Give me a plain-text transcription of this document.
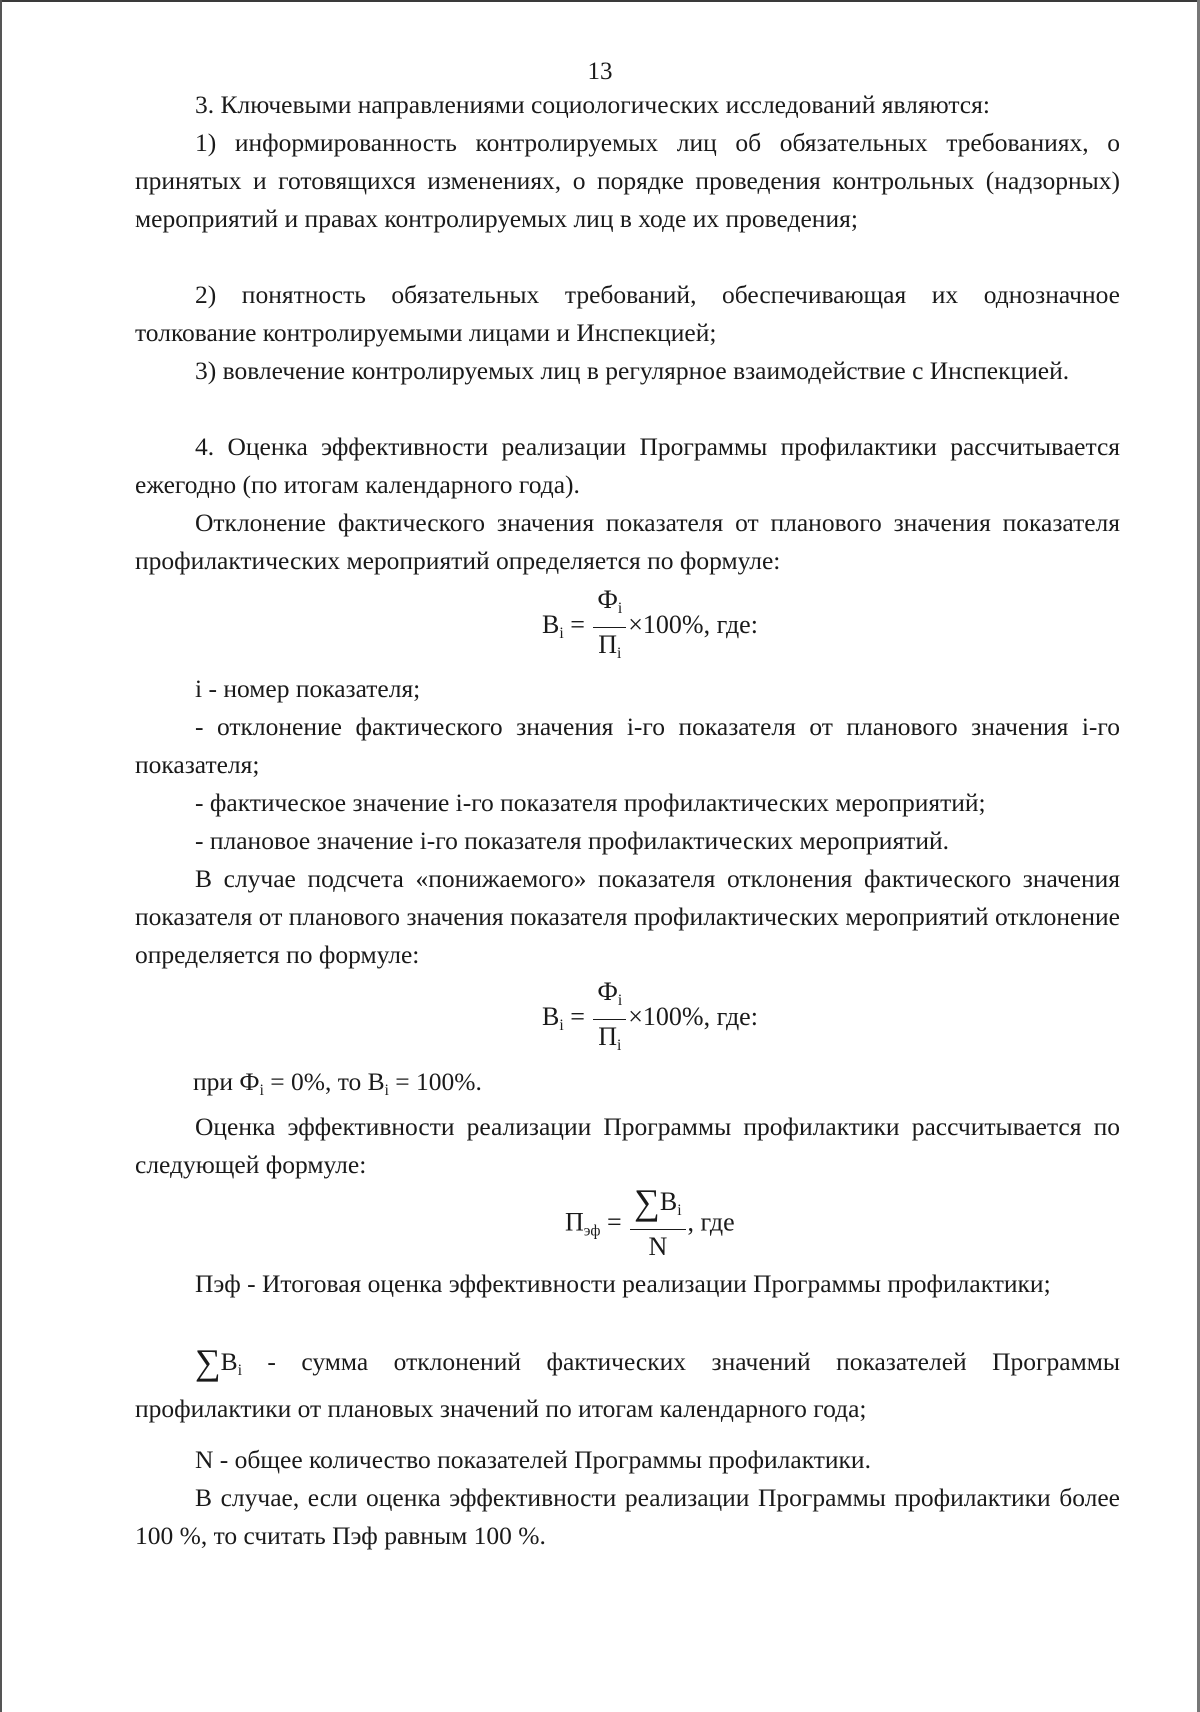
13
3. Ключевыми направлениями социологических исследований являются:
1) информированность контролируемых лиц об обязательных требованиях, о принятых и готовящихся изменениях, о порядке проведения контрольных (надзорных) мероприятий и правах контролируемых лиц в ходе их проведения;
2) понятность обязательных требований, обеспечивающая их однозначное толкование контролируемыми лицами и Инспекцией;
3) вовлечение контролируемых лиц в регулярное взаимодействие с Инспекцией.
4. Оценка эффективности реализации Программы профилактики рассчитывается ежегодно (по итогам календарного года).
Отклонение фактического значения показателя от планового значения показателя профилактических мероприятий определяется по формуле:
$B_i = \frac{Ф_i}{П_i} \times 100\%$, где:
i - номер показателя;
- отклонение фактического значения i-го показателя от планового значения i-го показателя;
- фактическое значение i-го показателя профилактических мероприятий;
- плановое значение i-го показателя профилактических мероприятий.
В случае подсчета «понижаемого» показателя отклонения фактического значения показателя от планового значения показателя профилактических мероприятий отклонение определяется по формуле:
$B_i = \frac{Ф_i}{П_i} \times 100\%$, где:
при $Ф_i = 0\%$, то $B_i = 100\%$.
Оценка эффективности реализации Программы профилактики рассчитывается по следующей формуле:
$П_{эф} = \frac{\sum B_i}{N}$ , где
Пэф - Итоговая оценка эффективности реализации Программы профилактики;
$\sum B_i$ - сумма отклонений фактических значений показателей Программы профилактики от плановых значений по итогам календарного года;
N - общее количество показателей Программы профилактики.
В случае, если оценка эффективности реализации Программы профилактики более 100 %, то считать Пэф равным 100 %.
